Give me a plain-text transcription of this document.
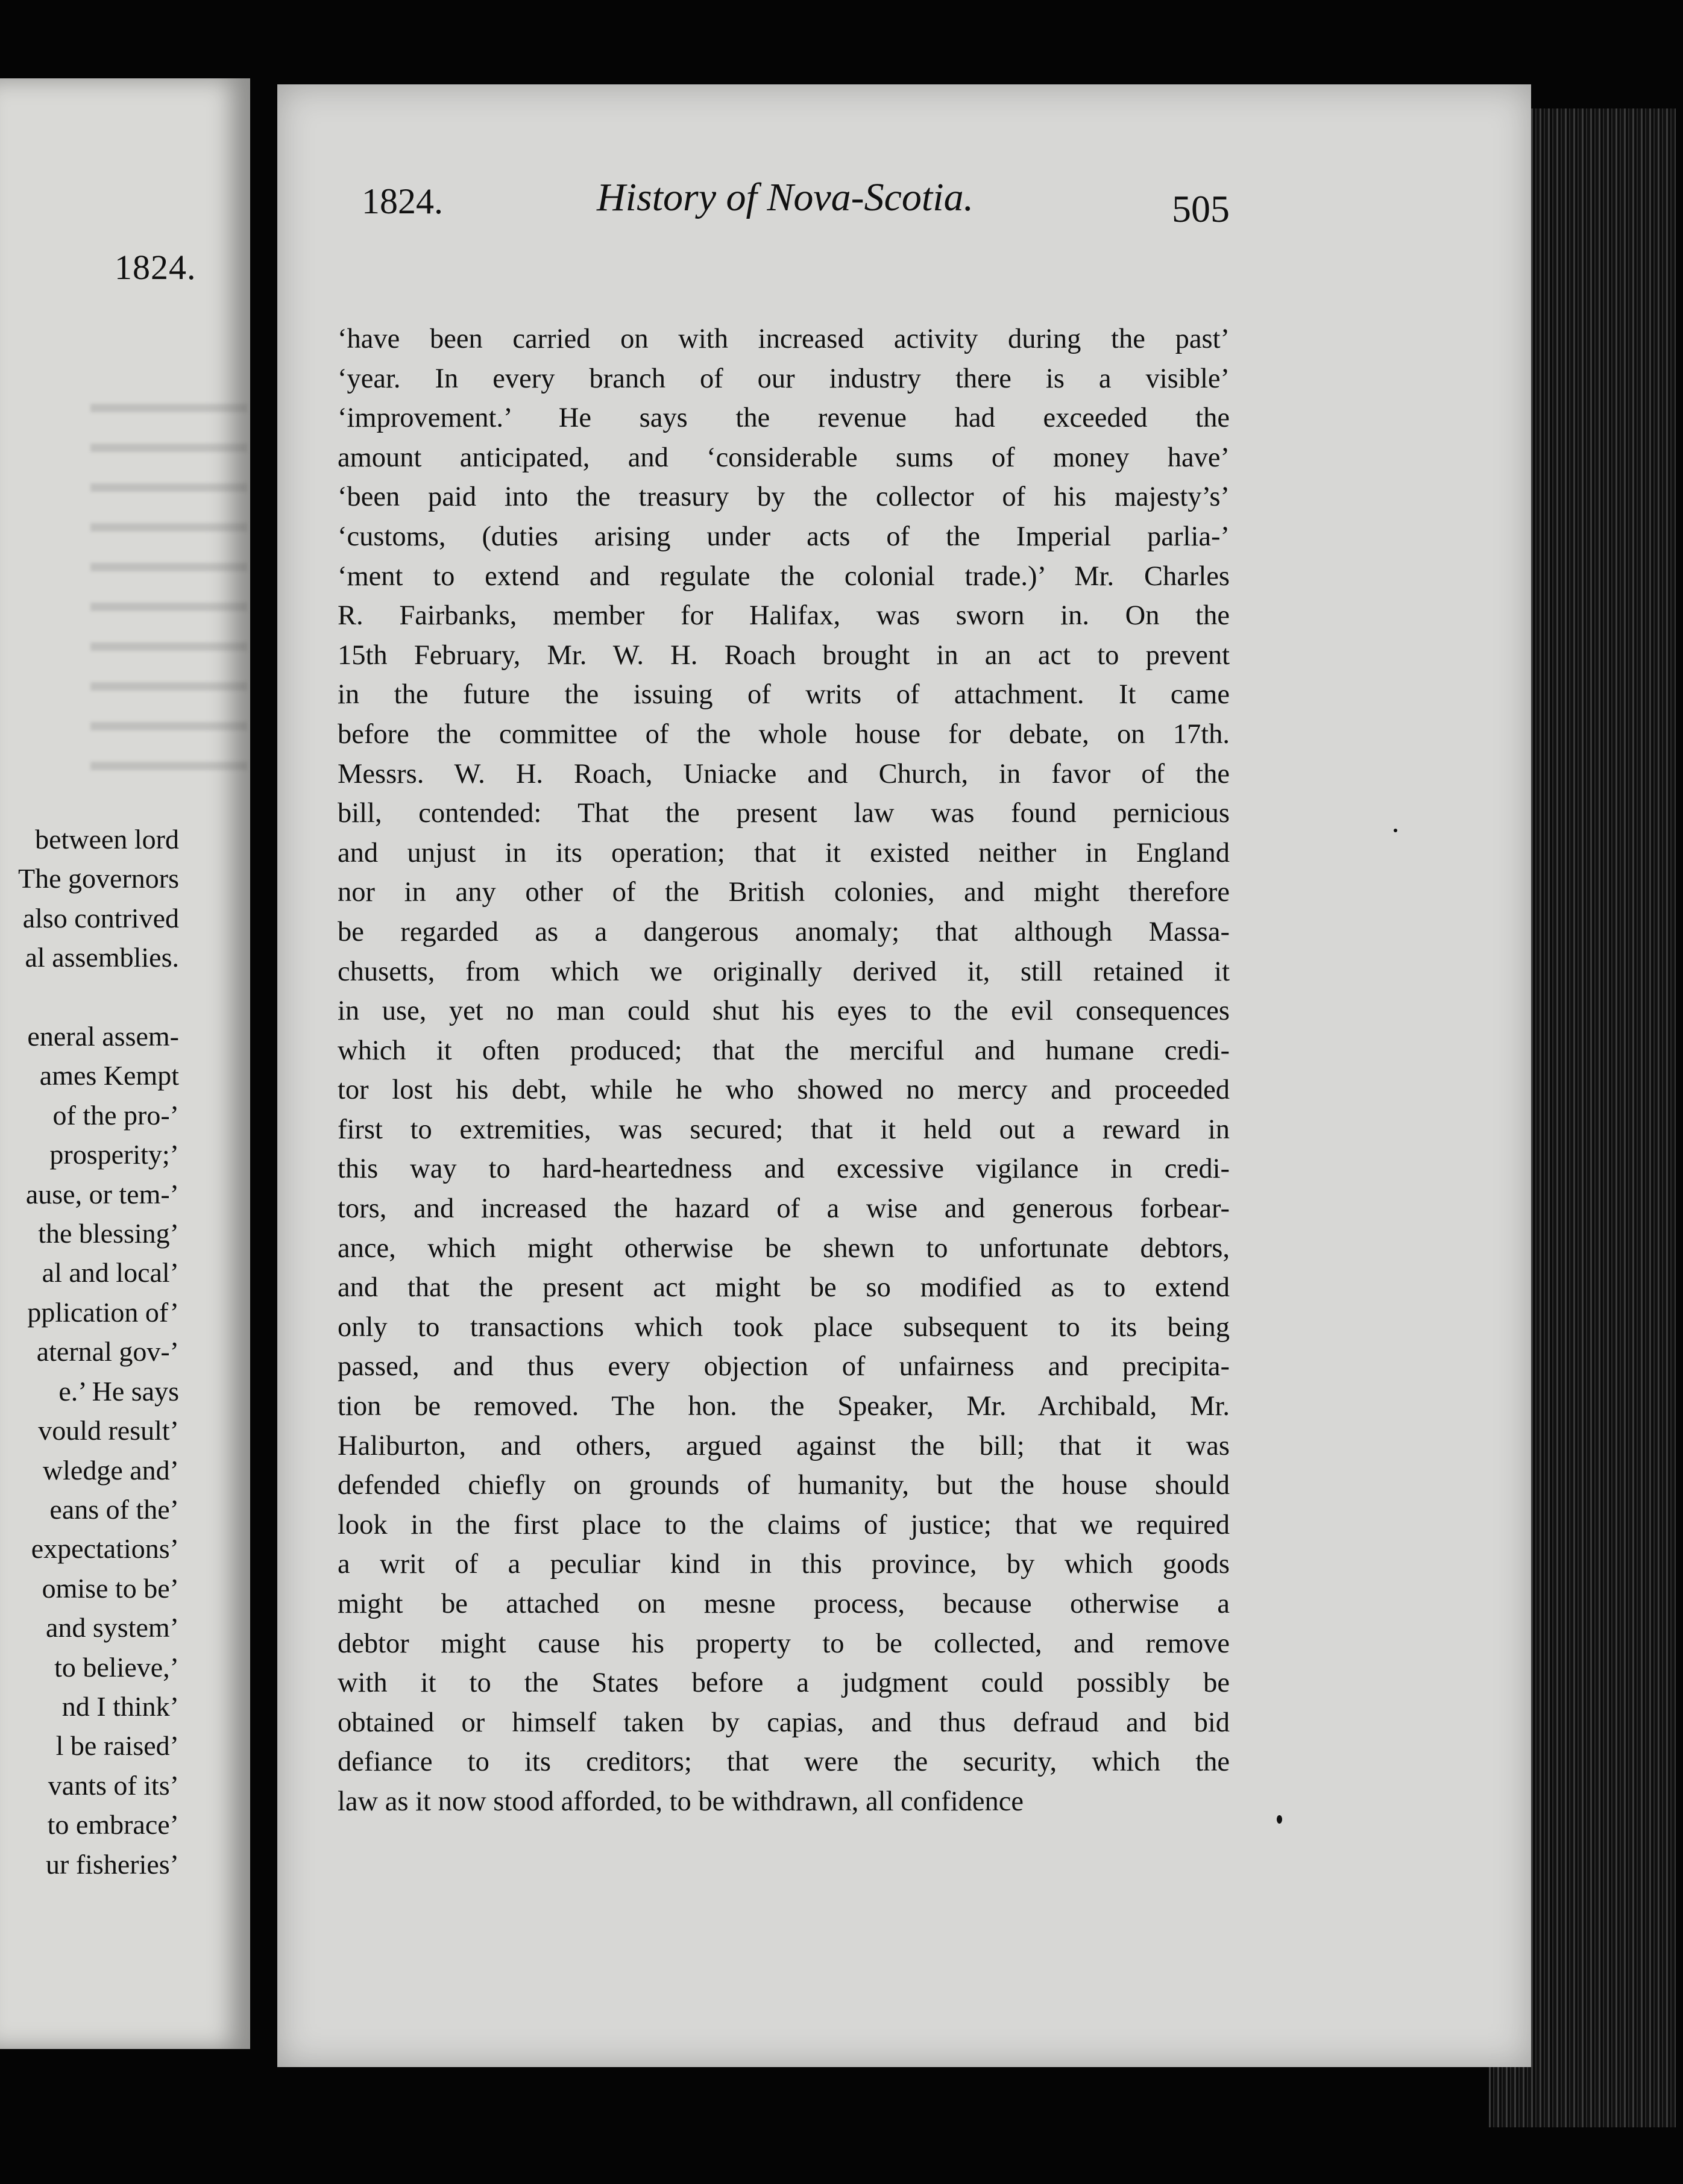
1824.
between lord
The governors
also contrived
al assemblies.

eneral assem-
ames Kempt
of the pro-’
prosperity;’
ause, or tem-’
the blessing’
al and local’
pplication of’
aternal gov-’
e.’ He says
vould result’
wledge and’
eans of the’
expectations’
omise to be’
and system’
to believe,’
nd I think’
l be raised’
vants of its’
to embrace’
ur fisheries’
1824.	History of Nova-Scotia.	505
‘have been carried on with increased activity during the past’
‘year. In every branch of our industry there is a visible’
‘improvement.’ He says the revenue had exceeded the
amount anticipated, and ‘considerable sums of money have’
‘been paid into the treasury by the collector of his majesty’s’
‘customs, (duties arising under acts of the Imperial parlia-’
‘ment to extend and regulate the colonial trade.)’ Mr. Charles
R. Fairbanks, member for Halifax, was sworn in. On the
15th February, Mr. W. H. Roach brought in an act to prevent
in the future the issuing of writs of attachment. It came
before the committee of the whole house for debate, on 17th.
Messrs. W. H. Roach, Uniacke and Church, in favor of the
bill, contended: That the present law was found pernicious
and unjust in its operation; that it existed neither in England
nor in any other of the British colonies, and might therefore
be regarded as a dangerous anomaly; that although Massa-
chusetts, from which we originally derived it, still retained it
in use, yet no man could shut his eyes to the evil consequences
which it often produced; that the merciful and humane credi-
tor lost his debt, while he who showed no mercy and proceeded
first to extremities, was secured; that it held out a reward in
this way to hard-heartedness and excessive vigilance in credi-
tors, and increased the hazard of a wise and generous forbear-
ance, which might otherwise be shewn to unfortunate debtors,
and that the present act might be so modified as to extend
only to transactions which took place subsequent to its being
passed, and thus every objection of unfairness and precipita-
tion be removed. The hon. the Speaker, Mr. Archibald, Mr.
Haliburton, and others, argued against the bill; that it was
defended chiefly on grounds of humanity, but the house should
look in the first place to the claims of justice; that we required
a writ of a peculiar kind in this province, by which goods
might be attached on mesne process, because otherwise a
debtor might cause his property to be collected, and remove
with it to the States before a judgment could possibly be
obtained or himself taken by capias, and thus defraud and bid
defiance to its creditors; that were the security, which the
law as it now stood afforded, to be withdrawn, all confidence
